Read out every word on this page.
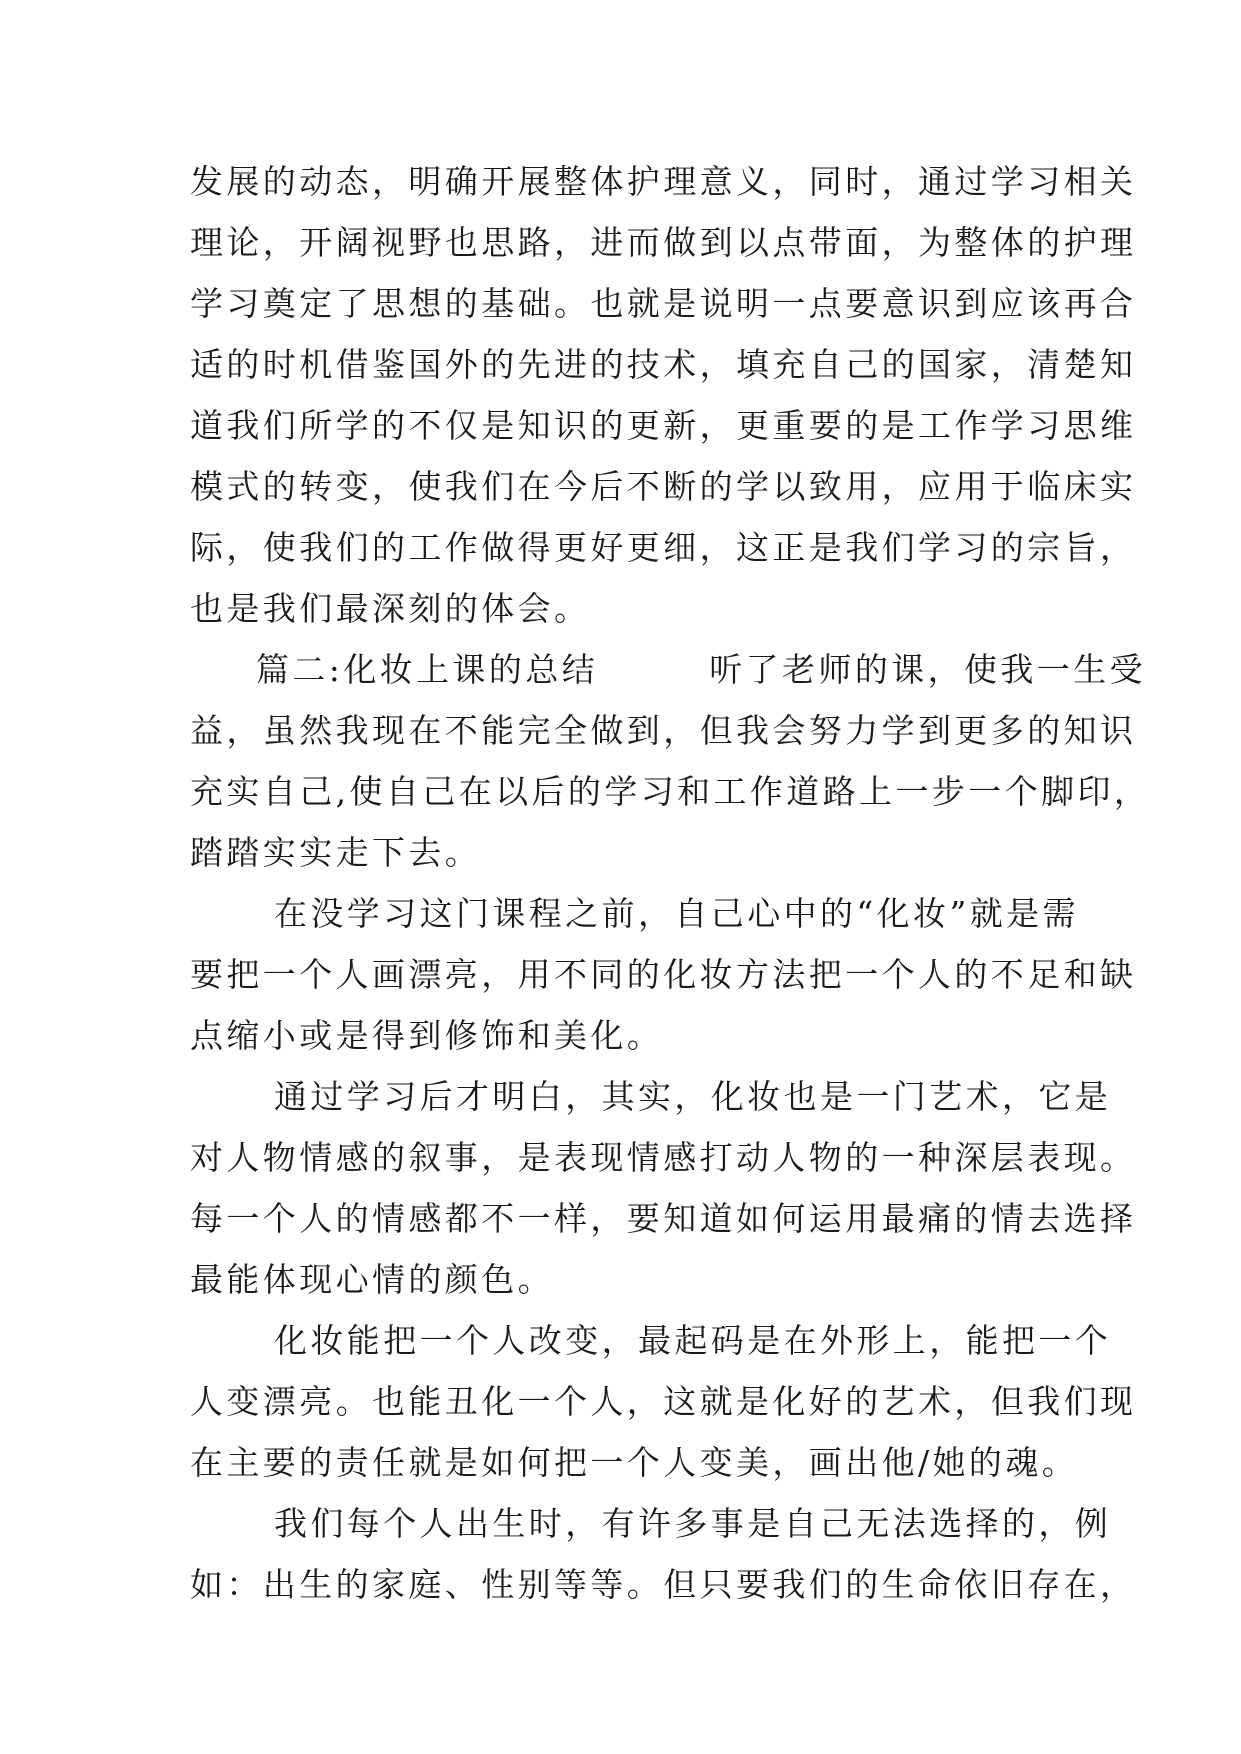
发展的动态，明确开展整体护理意义，同时，通过学习相关
理论，开阔视野也思路，进而做到以点带面，为整体的护理
学习奠定了思想的基础。也就是说明一点要意识到应该再合
适的时机借鉴国外的先进的技术，填充自己的国家，清楚知
道我们所学的不仅是知识的更新，更重要的是工作学习思维
模式的转变，使我们在今后不断的学以致用，应用于临床实
际，使我们的工作做得更好更细，这正是我们学习的宗旨，
也是我们最深刻的体会。
篇二:化妆上课的总结        听了老师的课，使我一生受
益，虽然我现在不能完全做到，但我会努力学到更多的知识
充实自己,使自己在以后的学习和工作道路上一步一个脚印，
踏踏实实走下去。
在没学习这门课程之前，自己心中的“化妆”就是需
要把一个人画漂亮，用不同的化妆方法把一个人的不足和缺
点缩小或是得到修饰和美化。
通过学习后才明白，其实，化妆也是一门艺术，它是
对人物情感的叙事，是表现情感打动人物的一种深层表现。
每一个人的情感都不一样，要知道如何运用最痛的情去选择
最能体现心情的颜色。
化妆能把一个人改变，最起码是在外形上，能把一个
人变漂亮。也能丑化一个人，这就是化好的艺术，但我们现
在主要的责任就是如何把一个人变美，画出他/她的魂。
我们每个人出生时，有许多事是自己无法选择的，例
如：出生的家庭、性别等等。但只要我们的生命依旧存在，
